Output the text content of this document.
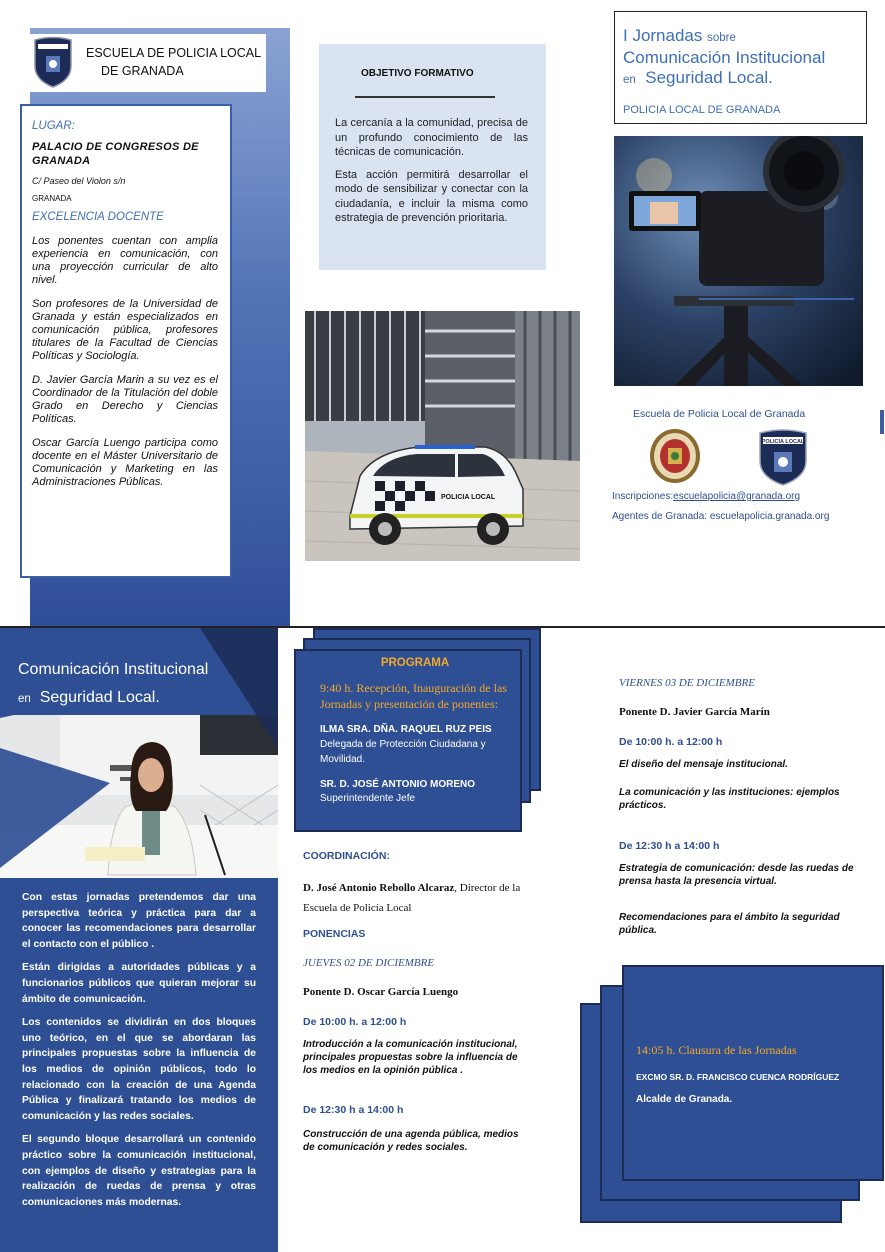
ESCUELA DE POLICIA LOCAL
DE GRANADA
LUGAR:
PALACIO DE CONGRESOS DE GRANADA
C/ Paseo del Violon s/n
GRANADA
EXCELENCIA DOCENTE

Los ponentes cuentan con amplia experiencia en comunicación, con una proyección curricular de alto nivel.

Son profesores de la Universidad de Granada y están especializados en comunicación pública, profesores titulares de la Facultad de Ciencias Políticas y Sociología.

D. Javier García Marin a su vez es el Coordinador de la Titulación del doble Grado en Derecho y Ciencias Políticas.

Oscar García Luengo participa como docente en el Máster Universitario de Comunicación y Marketing en las Administraciones Públicas.

OBJETIVO FORMATIVO

La cercanía a la comunidad, precisa de un profundo conocimiento de las técnicas de comunicación.

Esta acción permitirá desarrollar el modo de sensibilizar y conectar con la ciudadanía, e incluir la misma como estrategia de prevención prioritaria.

POLICIA LOCAL
I Jornadas sobre
Comunicación Institucional
en Seguridad Local.
POLICIA LOCAL DE GRANADA
Escuela de Policia Local de Granada
POLICIA LOCAL
Inscripciones:escuelapolicia@granada.org
Agentes de Granada: escuelapolicia.granada.org
Comunicación Institucional
en Seguridad Local.

Con estas jornadas pretendemos dar una perspectiva teórica y práctica para dar a conocer las recomendaciones para desarrollar el contacto con el público .

Están dirigidas a autoridades públicas y a funcionarios públicos que quieran mejorar su ámbito de comunicación.

Los contenidos se dividirán en dos bloques uno teórico, en el que se abordaran las principales propuestas sobre la influencia de los medios de opinión públicos, todo lo relacionado con la creación de una Agenda Pública y finalizará tratando los medios de comunicación y las redes sociales.

El segundo bloque desarrollará un contenido práctico sobre la comunicación institucional, con ejemplos de diseño y estrategias para la realización de ruedas de prensa y otras comunicaciones más modernas.

PROGRAMA
9:40 h. Recepción, Inauguración de las Jornadas y presentación de ponentes:
ILMA SRA. DÑA. RAQUEL RUZ PEIS
Delegada de Protección Ciudadana y Movilidad.
SR. D. JOSÉ ANTONIO MORENO
Superintendente Jefe
COORDINACIÓN:
D. José Antonio Rebollo Alcaraz, Director de la Escuela de Policía Local
PONENCIAS
JUEVES 02 DE DICIEMBRE
Ponente D. Oscar García Luengo
De 10:00 h. a 12:00 h
Introducción a la comunicación institucional, principales propuestas sobre la influencia de los medios en la opinión pública .
De 12:30 h a 14:00 h
Construcción de una agenda pública, medios de comunicación y redes sociales.
VIERNES 03 DE DICIEMBRE
Ponente D. Javier García Marín
De 10:00 h. a 12:00 h
El diseño del mensaje institucional.
La comunicación y las instituciones: ejemplos prácticos.
De 12:30 h a 14:00 h
Estrategia de comunicación: desde las ruedas de prensa hasta la presencia virtual.
Recomendaciones para el ámbito la seguridad pública.
14:05 h. Clausura de las Jornadas
EXCMO SR. D. FRANCISCO CUENCA RODRÍGUEZ
Alcalde de Granada.
